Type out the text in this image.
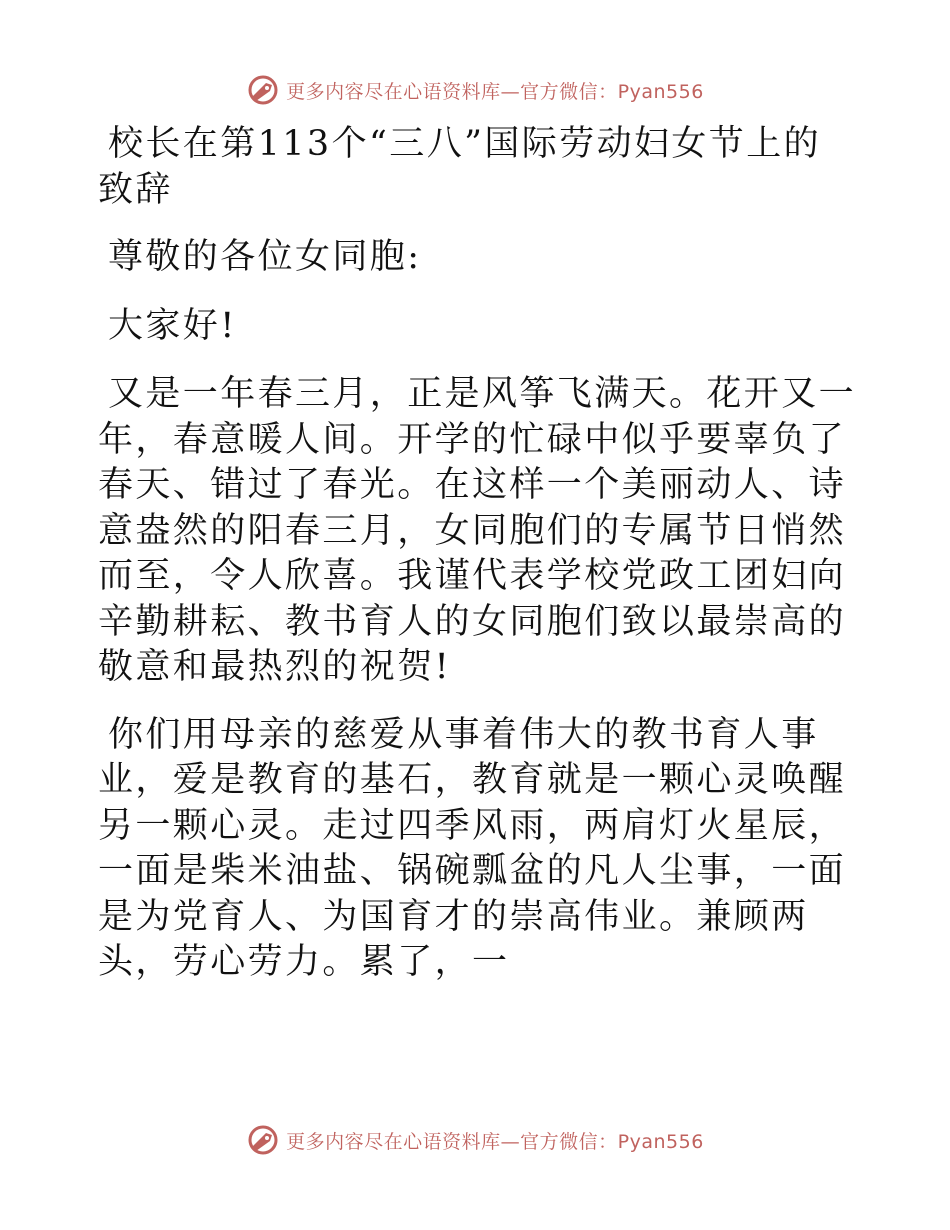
更多内容尽在心语资料库—官方微信：Pyan556

校长在第113个“三八”国际劳动妇女节上的致辞

尊敬的各位女同胞:

大家好!

又是一年春三月，正是风筝飞满天。花开又一年，春意暖人间。开学的忙碌中似乎要辜负了春天、错过了春光。在这样一个美丽动人、诗意盎然的阳春三月，女同胞们的专属节日悄然而至，令人欣喜。我谨代表学校党政工团妇向辛勤耕耘、教书育人的女同胞们致以最崇高的敬意和最热烈的祝贺!

你们用母亲的慈爱从事着伟大的教书育人事业，爱是教育的基石，教育就是一颗心灵唤醒另一颗心灵。走过四季风雨，两肩灯火星辰，一面是柴米油盐、锅碗瓢盆的凡人尘事，一面是为党育人、为国育才的崇高伟业。兼顾两头，劳心劳力。累了，一

更多内容尽在心语资料库—官方微信：Pyan556
